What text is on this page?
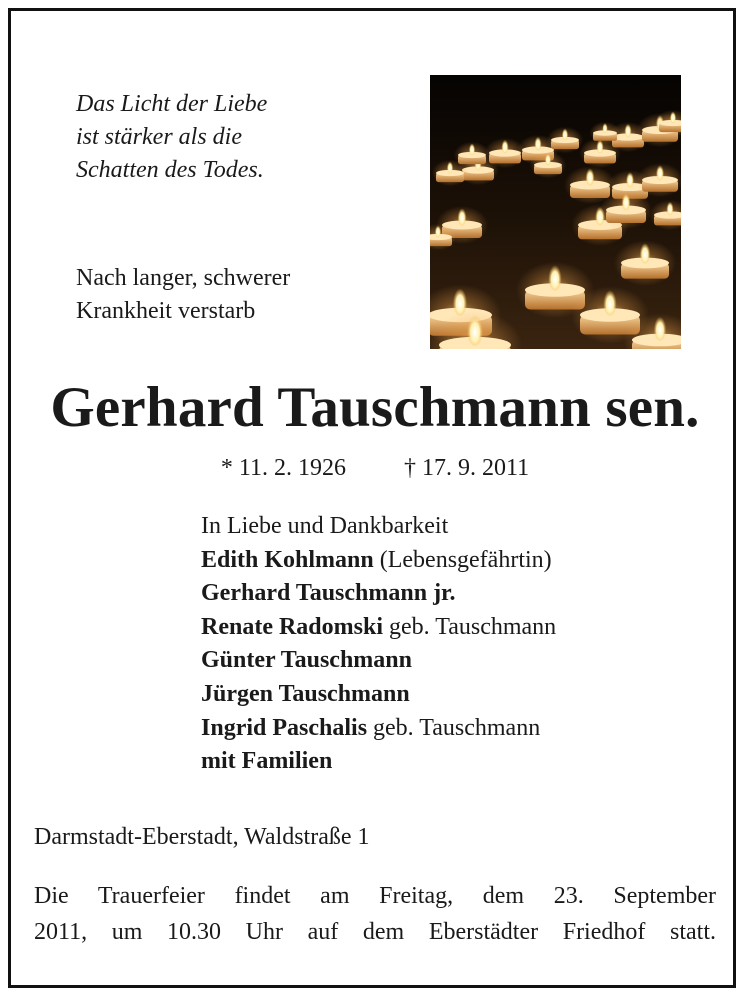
Das Licht der Liebe
ist stärker als die
Schatten des Todes.
Nach langer, schwerer
Krankheit verstarb
Gerhard Tauschmann sen.
* 11. 2. 1926 † 17. 9. 2011
In Liebe und Dankbarkeit
Edith Kohlmann (Lebensgefährtin)
Gerhard Tauschmann jr.
Renate Radomski geb. Tauschmann
Günter Tauschmann
Jürgen Tauschmann
Ingrid Paschalis geb. Tauschmann
mit Familien
Darmstadt-Eberstadt, Waldstraße 1
Die Trauerfeier findet am Freitag, dem 23. September
2011, um 10.30 Uhr auf dem Eberstädter Friedhof statt.
